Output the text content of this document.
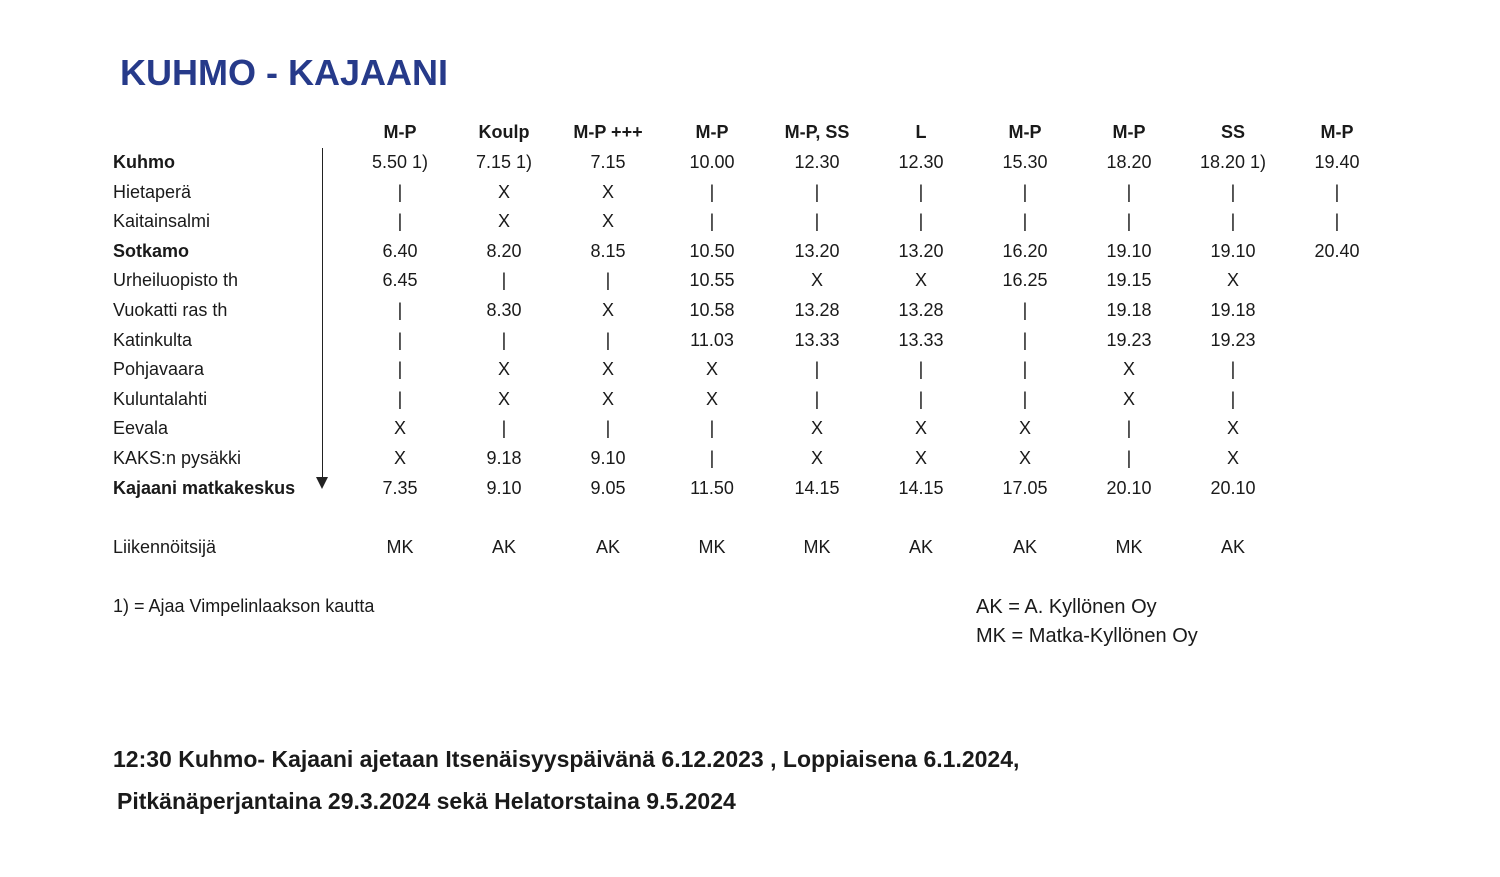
KUHMO - KAJAANI
Liikennöitsijä
Kuhmo
Hietaperä
Kaitainsalmi
Sotkamo
Urheiluopisto th
Vuokatti ras th
Katinkulta
Pohjavaara
Kuluntalahti
Eevala
KAKS:n pysäkki
Kajaani matkakeskus
M-P
5.50 1)
|
|
6.40
6.45
|
|
|
|
X
X
7.35
MK
Koulp
7.15 1)
X
X
8.20
|
8.30
|
X
X
|
9.18
9.10
AK
M-P +++
7.15
X
X
8.15
|
X
|
X
X
|
9.10
9.05
AK
M-P
10.00
|
|
10.50
10.55
10.58
11.03
X
X
|
|
11.50
MK
M-P, SS
12.30
|
|
13.20
X
13.28
13.33
|
|
X
X
14.15
MK
L
12.30
|
|
13.20
X
13.28
13.33
|
|
X
X
14.15
AK
M-P
15.30
|
|
16.20
16.25
|
|
|
|
X
X
17.05
AK
M-P
18.20
|
|
19.10
19.15
19.18
19.23
X
X
|
|
20.10
MK
SS
18.20 1)
|
|
19.10
X
19.18
19.23
|
|
X
X
20.10
AK
M-P
19.40
|
|
20.40
1) = Ajaa Vimpelinlaakson kautta	AK = A. Kyllönen Oy
MK = Matka-Kyllönen Oy
12:30 Kuhmo- Kajaani ajetaan Itsenäisyyspäivänä 6.12.2023 , Loppiaisena 6.1.2024,
Pitkänäperjantaina 29.3.2024 sekä Helatorstaina 9.5.2024
